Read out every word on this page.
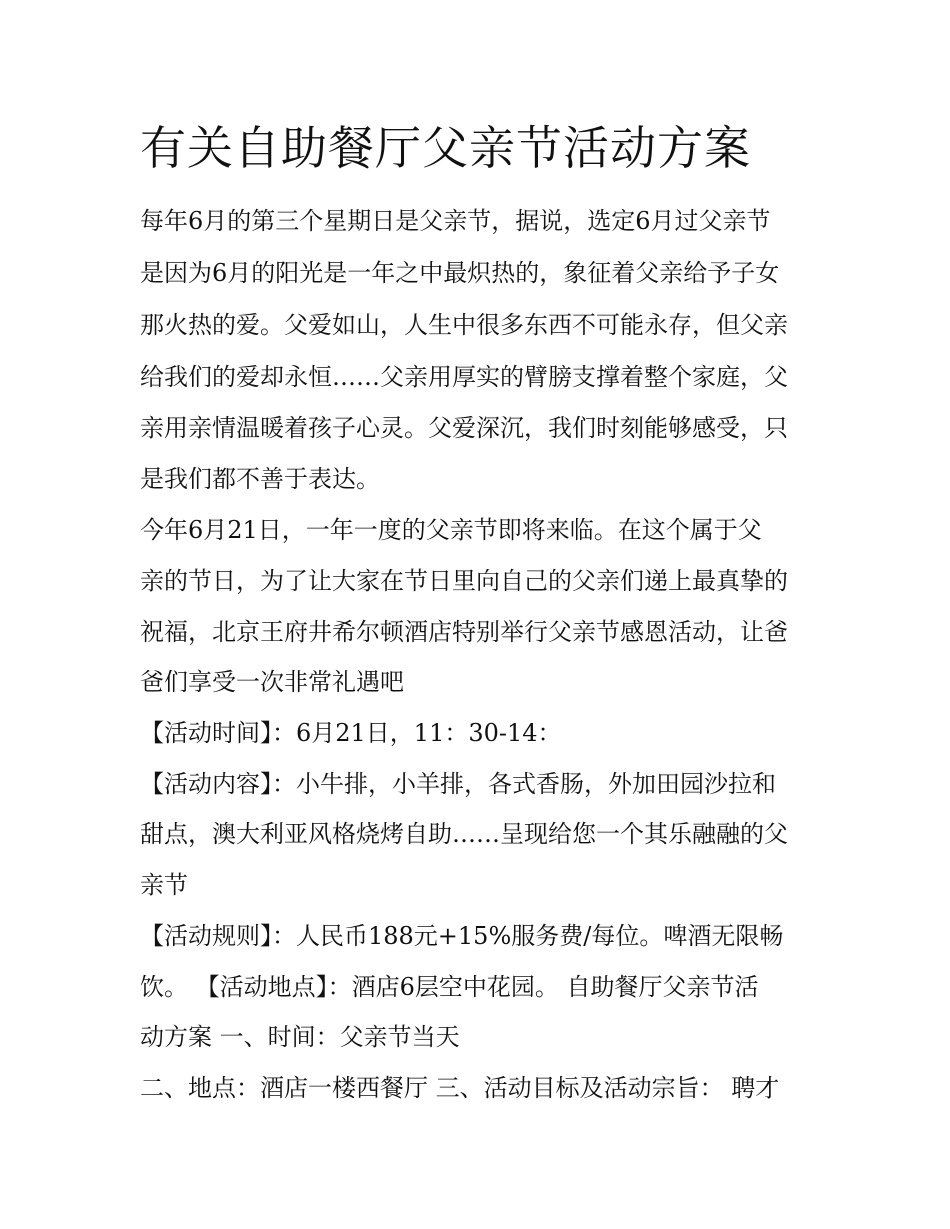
有关自助餐厅父亲节活动方案

每年6月的第三个星期日是父亲节，据说，选定6月过父亲节

是因为6月的阳光是一年之中最炽热的，象征着父亲给予子女

那火热的爱。父爱如山，人生中很多东西不可能永存，但父亲

给我们的爱却永恒……父亲用厚实的臂膀支撑着整个家庭，父

亲用亲情温暖着孩子心灵。父爱深沉，我们时刻能够感受，只

是我们都不善于表达。

今年6月21日，一年一度的父亲节即将来临。在这个属于父

亲的节日，为了让大家在节日里向自己的父亲们递上最真挚的

祝福，北京王府井希尔顿酒店特别举行父亲节感恩活动，让爸

爸们享受一次非常礼遇吧

【活动时间】：6月21日，11：30-14：

【活动内容】：小牛排，小羊排，各式香肠，外加田园沙拉和

甜点，澳大利亚风格烧烤自助……呈现给您一个其乐融融的父

亲节

【活动规则】：人民币188元+15%服务费/每位。啤酒无限畅

饮。 【活动地点】：酒店6层空中花园。 自助餐厅父亲节活

动方案 一、时间：父亲节当天

二、地点：酒店一楼西餐厅 三、活动目标及活动宗旨： 聘才
